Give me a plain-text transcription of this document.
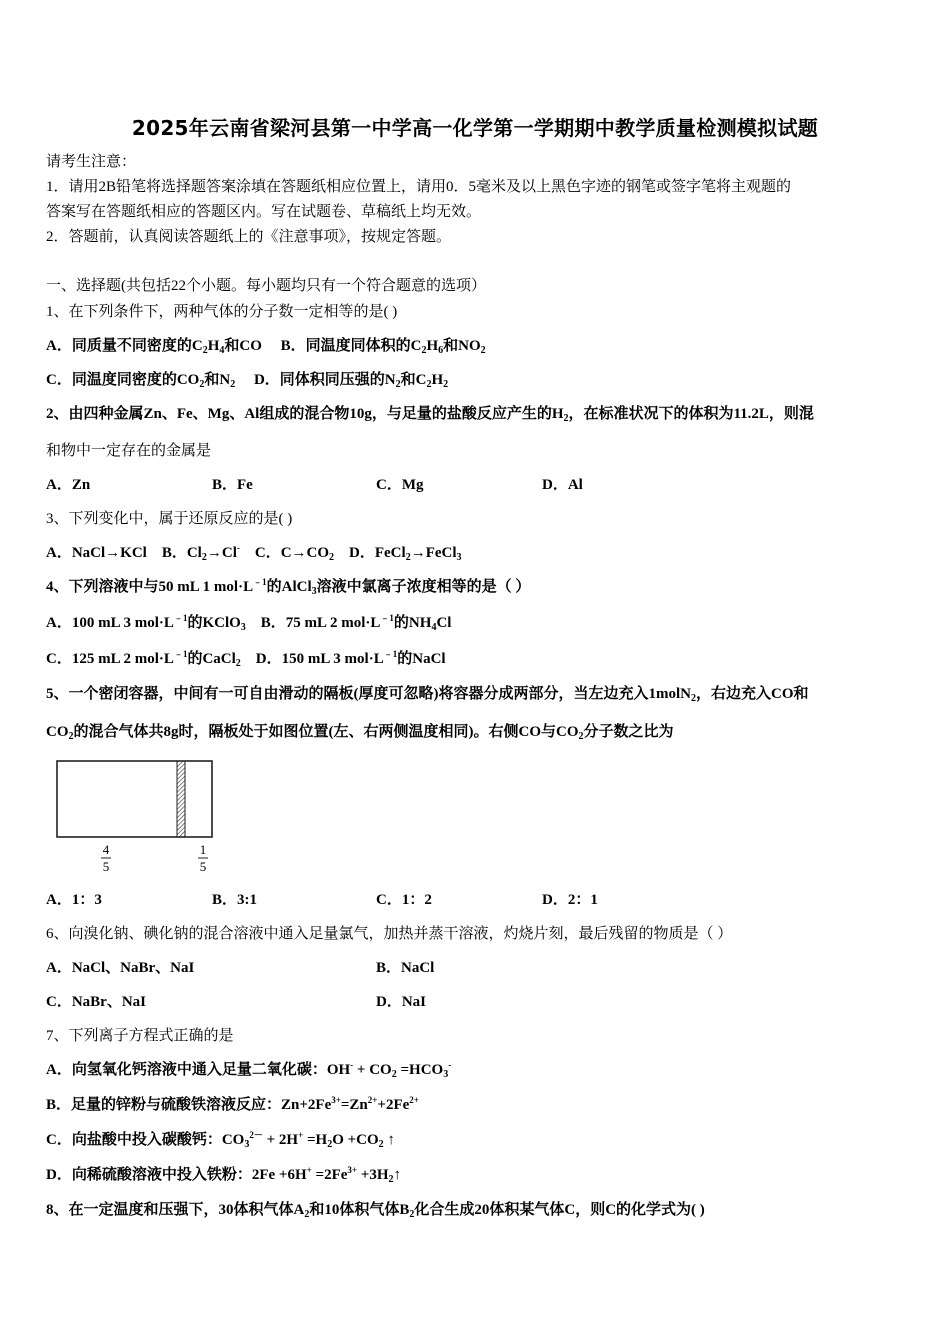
2025年云南省梁河县第一中学高一化学第一学期期中教学质量检测模拟试题
请考生注意：
1．请用2B铅笔将选择题答案涂填在答题纸相应位置上，请用0．5毫米及以上黑色字迹的钢笔或签字笔将主观题的
答案写在答题纸相应的答题区内。写在试题卷、草稿纸上均无效。
2．答题前，认真阅读答题纸上的《注意事项》，按规定答题。
一、选择题(共包括22个小题。每小题均只有一个符合题意的选项）
1、在下列条件下，两种气体的分子数一定相等的是( )
A．同质量不同密度的$C_2H_4$和CO B．同温度同体积的$C_2H_6$和$NO_2$
C．同温度同密度的$CO_2$和$N_2$ D．同体积同压强的$N_2$和$C_2H_2$
2、由四种金属Zn、Fe、Mg、Al组成的混合物10g，与足量的盐酸反应产生的$H_2$，在标准状况下的体积为11.2L，则混
和物中一定存在的金属是
A．Zn	B．Fe	C．Mg	D．Al
3、下列变化中，属于还原反应的是( )
A．NaCl→KCl B．$Cl_2\to Cl^-$ C．$C\to CO_2$ D．FeCl$_2$→FeCl$_3$
4、下列溶液中与50 mL 1 $mol\cdot L^{﹣1}$的AlCl$_3$溶液中氯离子浓度相等的是（ ）
A．100 mL 3 $mol\cdot L^{﹣1}$的KClO$_3$ B．75 mL 2 $mol\cdot L^{﹣1}$的$NH_4Cl$
C．125 mL 2 $mol\cdot L^{﹣1}$的CaCl$_2$ D．150 mL 3 $mol\cdot L^{﹣1}$的NaCl
5、一个密闭容器，中间有一可自由滑动的隔板(厚度可忽略)将容器分成两部分，当左边充入1molN$_2$，右边充入CO和
$CO_2$的混合气体共8g时，隔板处于如图位置(左、右两侧温度相同)。右侧CO与$CO_2$分子数之比为
4
5
1
5
A．1：3	B．3:1	C．1：2	D．2：1
6、向溴化钠、碘化钠的混合溶液中通入足量氯气，加热并蒸干溶液，灼烧片刻，最后残留的物质是（ ）
A．NaCl、NaBr、NaI	B．NaCl
C．NaBr、NaI	D．NaI
7、下列离子方程式正确的是
A．向氢氧化钙溶液中通入足量二氧化碳：$OH^- + CO_2 =HCO_3^-$
B．足量的锌粉与硫酸铁溶液反应：$Zn+2Fe^{3+}=Zn^{2+}+2Fe^{2+}$
C．向盐酸中投入碳酸钙：$CO_3^{2-} + 2H^+ =H_2O +CO_2$ ↑
D．向稀硫酸溶液中投入铁粉：$2Fe +6H^+ =2Fe^{3+}$ $+3H_2↑$
8、在一定温度和压强下，30体积气体$A_2$和10体积气体$B_2$化合生成20体积某气体C，则C的化学式为( )
